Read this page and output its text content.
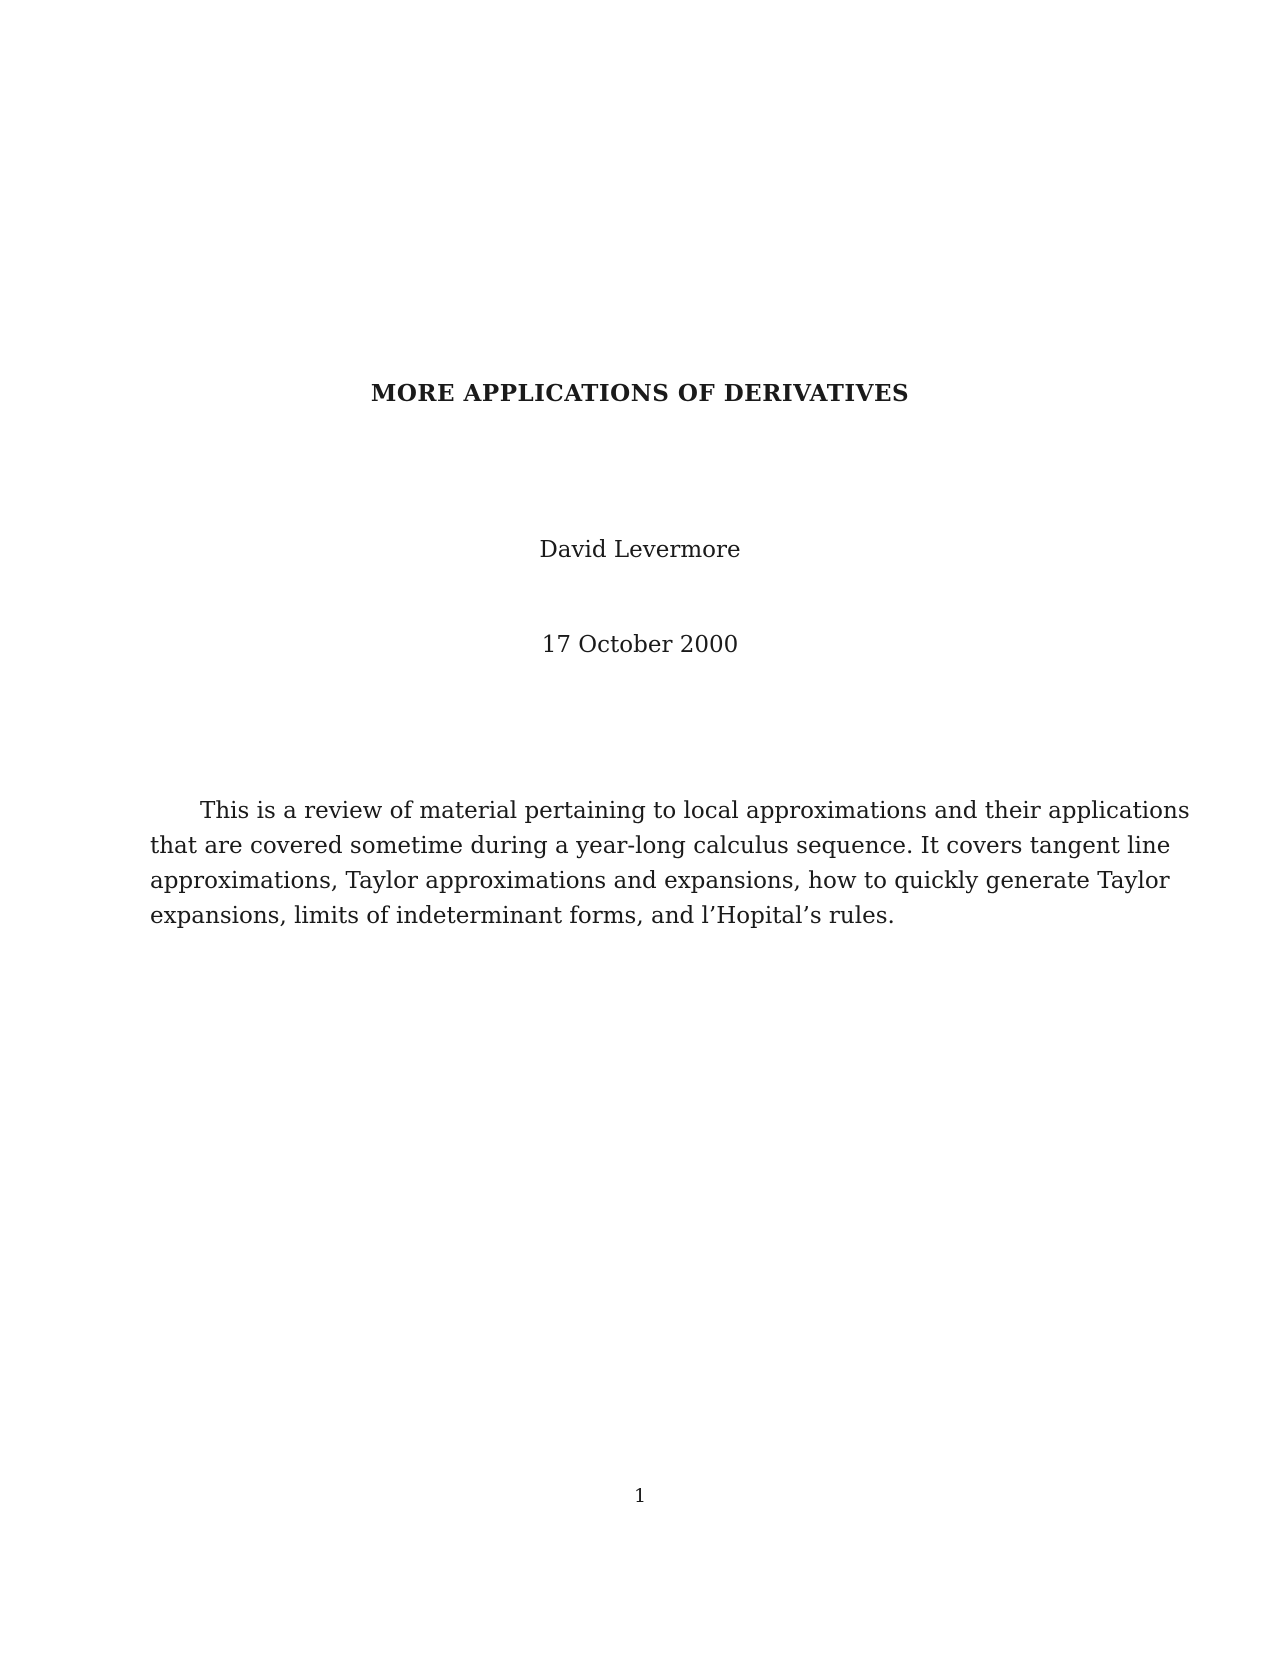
MORE APPLICATIONS OF DERIVATIVES
David Levermore
17 October 2000
This is a review of material pertaining to local approximations and their applications
that are covered sometime during a year-long calculus sequence. It covers tangent line
approximations, Taylor approximations and expansions, how to quickly generate Taylor
expansions, limits of indeterminant forms, and l’Hopital’s rules.
1
